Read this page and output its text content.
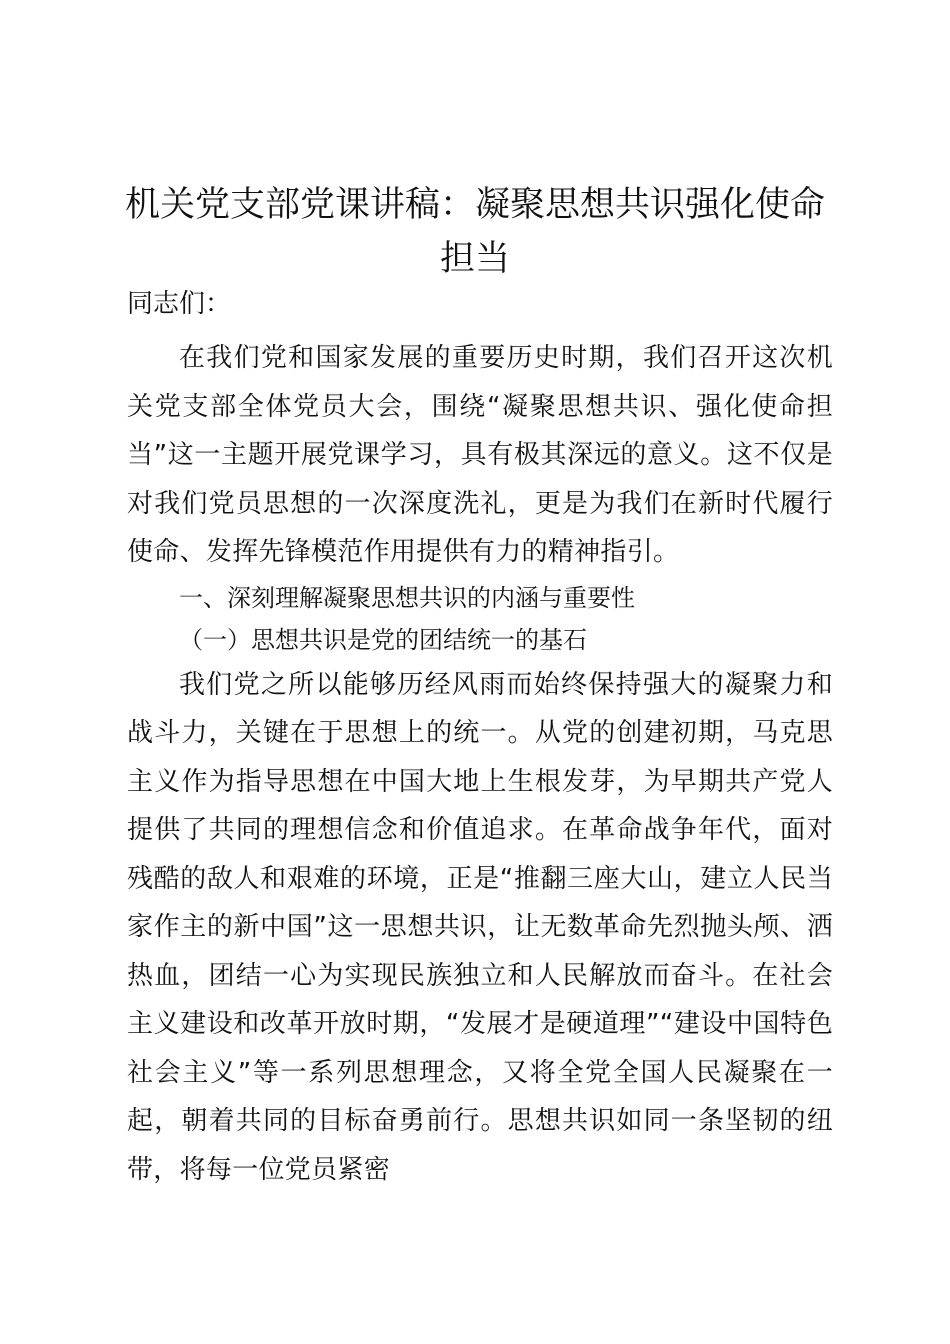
机关党支部党课讲稿：凝聚思想共识强化使命担当

同志们：

在我们党和国家发展的重要历史时期，我们召开这次机关党支部全体党员大会，围绕“凝聚思想共识、强化使命担当”这一主题开展党课学习，具有极其深远的意义。这不仅是对我们党员思想的一次深度洗礼，更是为我们在新时代履行使命、发挥先锋模范作用提供有力的精神指引。

一、深刻理解凝聚思想共识的内涵与重要性

（一）思想共识是党的团结统一的基石

我们党之所以能够历经风雨而始终保持强大的凝聚力和战斗力，关键在于思想上的统一。从党的创建初期，马克思主义作为指导思想在中国大地上生根发芽，为早期共产党人提供了共同的理想信念和价值追求。在革命战争年代，面对残酷的敌人和艰难的环境，正是“推翻三座大山，建立人民当家作主的新中国”这一思想共识，让无数革命先烈抛头颅、洒热血，团结一心为实现民族独立和人民解放而奋斗。在社会主义建设和改革开放时期，“发展才是硬道理”“建设中国特色社会主义”等一系列思想理念，又将全党全国人民凝聚在一起，朝着共同的目标奋勇前行。思想共识如同一条坚韧的纽带，将每一位党员紧密
